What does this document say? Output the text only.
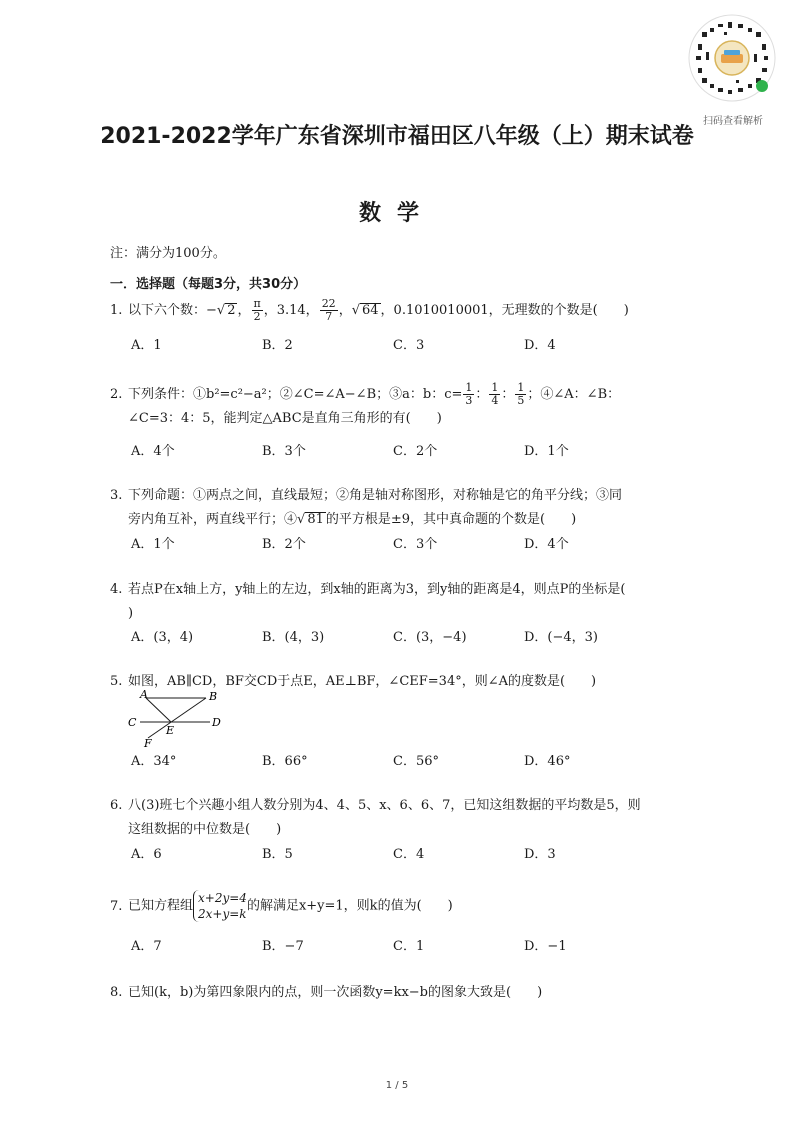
扫码查看解析
2021-2022学年广东省深圳市福田区八年级（上）期末试卷
数学
注：满分为100分。
一．选择题（每题3分，共30分）
1. 以下六个数：−√ 2 ， $\frac{\pi}{2}$ ，3.14， $\frac{22}{7}$ ，√ 64 ，0.1010010001，无理数的个数是(　　)
A．1	B．2	C．3	D．4
2. 下列条件：①b²=c²−a²；②∠C=∠A−∠B；③a：b：$c= \frac{1}{3}$ ： $\frac{1}{4}$ ： $\frac{1}{5}$ ；④∠A：∠B：
∠C=3：4：5，能判定△ABC是直角三角形的有(　　)
A．4个	B．3个	C．2个	D．1个
3. 下列命题：①两点之间，直线最短；②角是轴对称图形，对称轴是它的角平分线；③同
旁内角互补，两直线平行；④√ 81 的平方根是±9，其中真命题的个数是(　　)
A．1个	B．2个	C．3个	D．4个
4. 若点P在x轴上方，y轴上的左边，到x轴的距离为3，到y轴的距离是4，则点P的坐标是(
)
A．(3，4)	B．(4，3)	C．(3，−4)	D．(−4，3)
5. 如图，AB∥CD，BF交CD于点E，AE⊥BF，∠CEF=34°，则∠A的度数是(　　)
A	B
C	D
E
F
A．34°	B．66°	C．56°	D．46°
6. 八(3)班七个兴趣小组人数分别为4、4、5、x、6、6、7，已知这组数据的平均数是5，则
这组数据的中位数是(　　)
A．6	B．5	C．4	D．3
7. 已知方程组x+2y=4
2x+y=k的解满足x+y=1，则k的值为(　　)
A．7	B．−7	C．1	D．−1
8. 已知(k，b)为第四象限内的点，则一次函数y=kx−b的图象大致是(　　)
1 / 5
